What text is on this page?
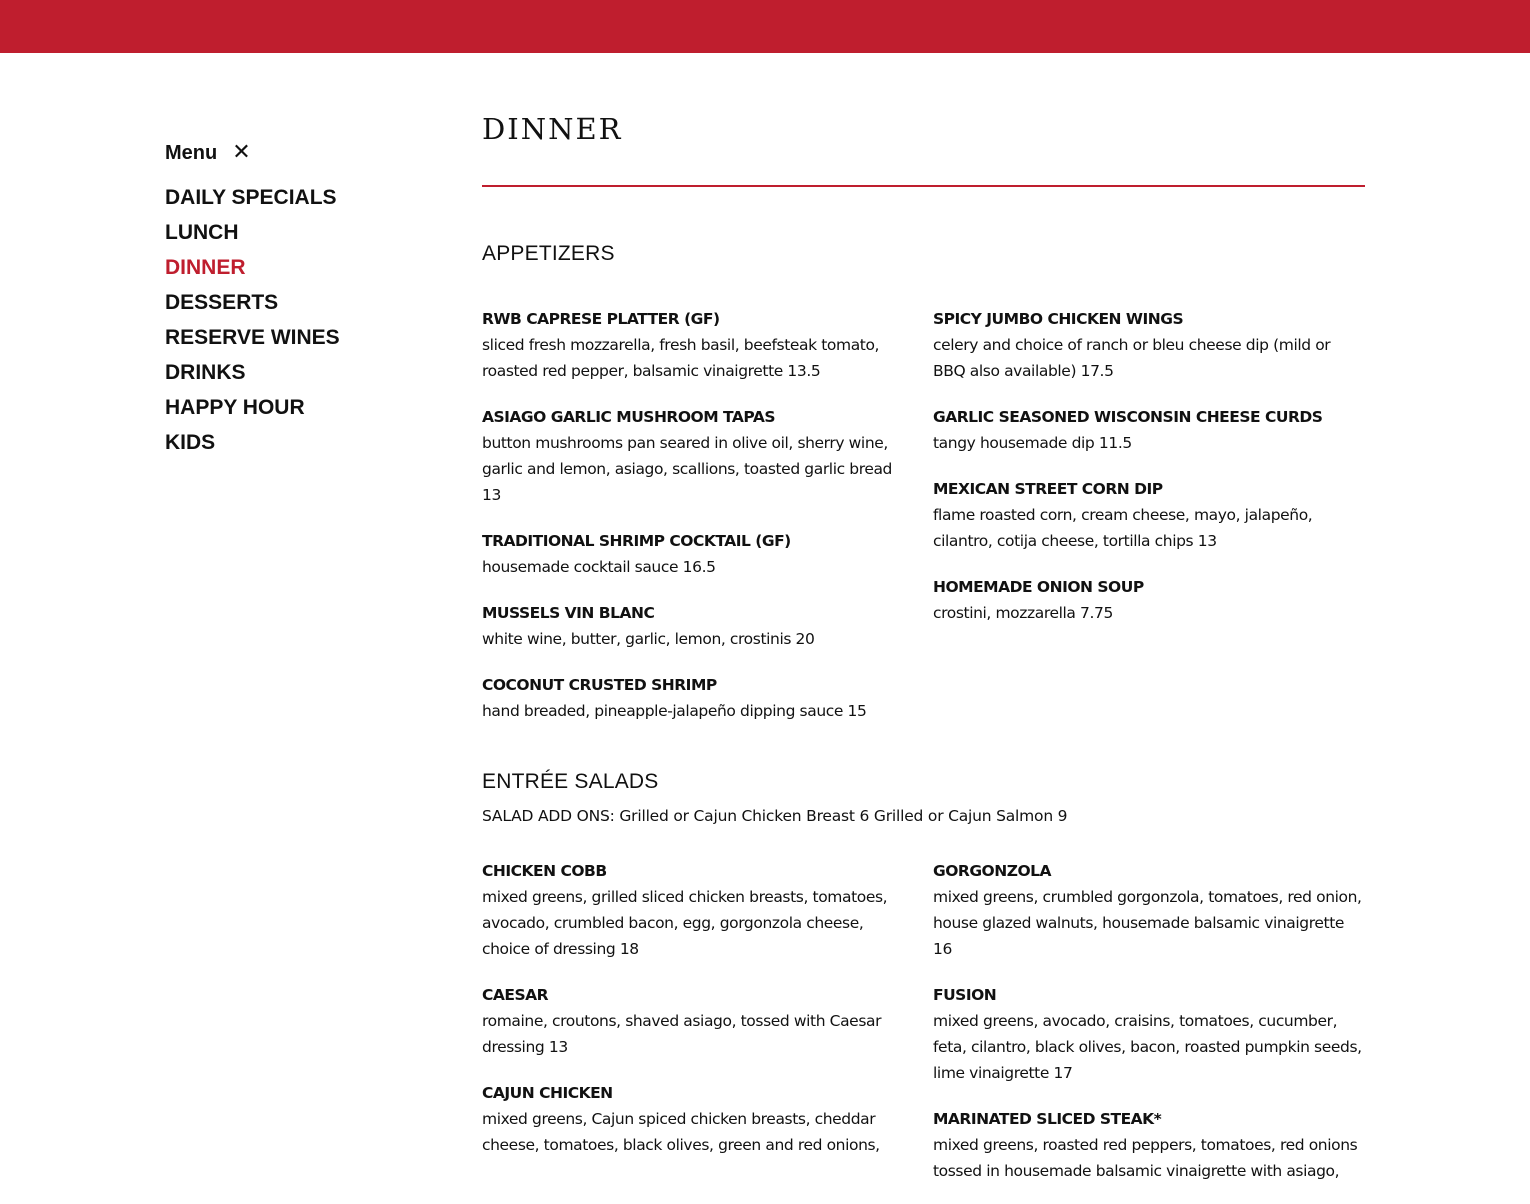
Menu ✕
DAILY SPECIALS
LUNCH
DINNER
DESSERTS
RESERVE WINES
DRINKS
HAPPY HOUR
KIDS
DINNER
APPETIZERS
RWB CAPRESE PLATTER (GF)
sliced fresh mozzarella, fresh basil, beefsteak tomato, roasted red pepper, balsamic vinaigrette 13.5
ASIAGO GARLIC MUSHROOM TAPAS
button mushrooms pan seared in olive oil, sherry wine, garlic and lemon, asiago, scallions, toasted garlic bread 13
TRADITIONAL SHRIMP COCKTAIL (GF)
housemade cocktail sauce 16.5
MUSSELS VIN BLANC
white wine, butter, garlic, lemon, crostinis 20
COCONUT CRUSTED SHRIMP
hand breaded, pineapple-jalapeño dipping sauce 15
SPICY JUMBO CHICKEN WINGS
celery and choice of ranch or bleu cheese dip (mild or BBQ also available) 17.5
GARLIC SEASONED WISCONSIN CHEESE CURDS
tangy housemade dip 11.5
MEXICAN STREET CORN DIP
flame roasted corn, cream cheese, mayo, jalapeño, cilantro, cotija cheese, tortilla chips 13
HOMEMADE ONION SOUP
crostini, mozzarella 7.75
ENTRÉE SALADS
SALAD ADD ONS: Grilled or Cajun Chicken Breast 6 Grilled or Cajun Salmon 9
CHICKEN COBB
mixed greens, grilled sliced chicken breasts, tomatoes, avocado, crumbled bacon, egg, gorgonzola cheese, choice of dressing 18
CAESAR
romaine, croutons, shaved asiago, tossed with Caesar dressing 13
CAJUN CHICKEN
mixed greens, Cajun spiced chicken breasts, cheddar cheese, tomatoes, black olives, green and red onions,
GORGONZOLA
mixed greens, crumbled gorgonzola, tomatoes, red onion, house glazed walnuts, housemade balsamic vinaigrette 16
FUSION
mixed greens, avocado, craisins, tomatoes, cucumber, feta, cilantro, black olives, bacon, roasted pumpkin seeds, lime vinaigrette 17
MARINATED SLICED STEAK*
mixed greens, roasted red peppers, tomatoes, red onions tossed in housemade balsamic vinaigrette with asiago,
